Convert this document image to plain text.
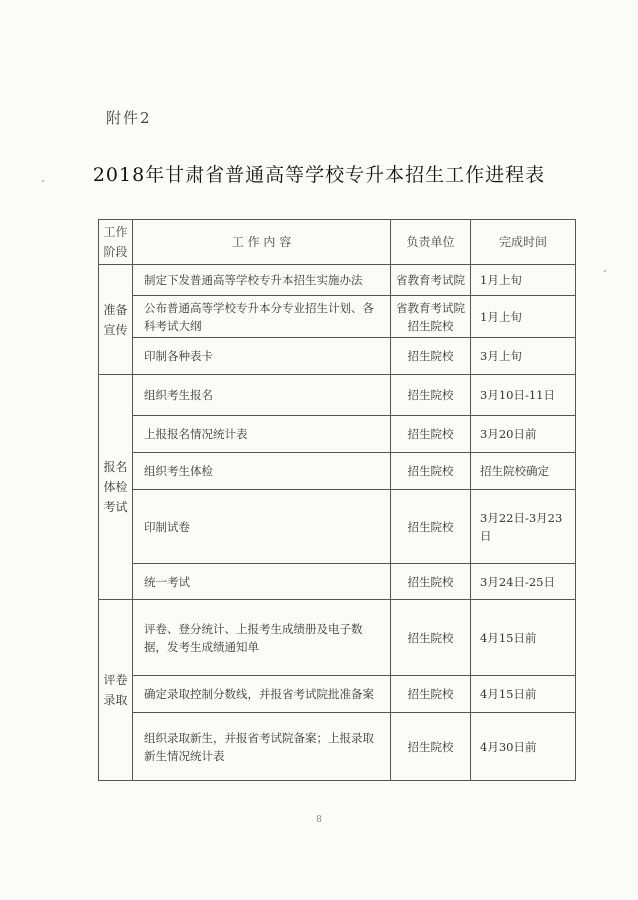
附件2
2018年甘肃省普通高等学校专升本招生工作进程表
工作阶段	工 作 内 容	负责单位	完成时间
准备宣传	制定下发普通高等学校专升本招生实施办法	省教育考试院	1月上旬

	公布普通高等学校专升本分专业招生计划、各科考试大纲	省教育考试院招生院校	1月上旬

	印制各种表卡	招生院校	3月上旬

报名体检考试	组织考生报名	招生院校	3月10日-11日

	上报报名情况统计表	招生院校	3月20日前

	组织考生体检	招生院校	招生院校确定

	印制试卷	招生院校	3月22日-3月23日

	统一考试	招生院校	3月24日-25日

评卷录取	评卷、登分统计、上报考生成绩册及电子数据，发考生成绩通知单	招生院校	4月15日前

	确定录取控制分数线，并报省考试院批准备案	招生院校	4月15日前

	组织录取新生，并报省考试院备案；上报录取新生情况统计表	招生院校	4月30日前
8
